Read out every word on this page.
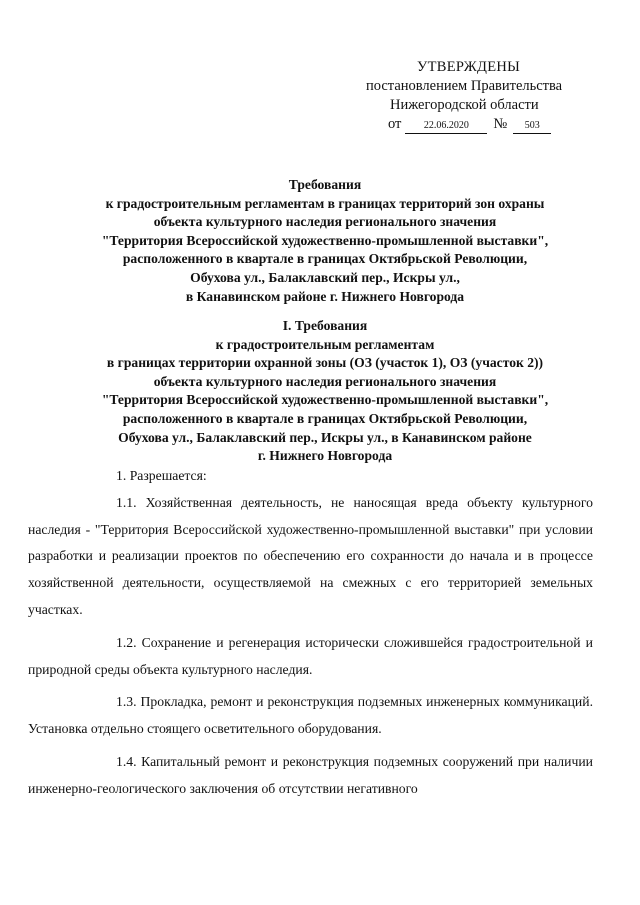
УТВЕРЖДЕНЫ
постановлением Правительства
Нижегородской области
от	22.06.2020	№	503
Требования
к градостроительным регламентам в границах территорий зон охраны
объекта культурного наследия регионального значения
"Территория Всероссийской художественно-промышленной выставки",
расположенного в квартале в границах Октябрьской Революции,
Обухова ул., Балаклавский пер., Искры ул.,
в Канавинском районе г. Нижнего Новгорода
I. Требования
к градостроительным регламентам
в границах территории охранной зоны (ОЗ (участок 1), ОЗ (участок 2))
объекта культурного наследия регионального значения
"Территория Всероссийской художественно-промышленной выставки",
расположенного в квартале в границах Октябрьской Революции,
Обухова ул., Балаклавский пер., Искры ул., в Канавинском районе
г. Нижнего Новгорода

1. Разрешается:

1.1. Хозяйственная деятельность, не наносящая вреда объекту культурного наследия - "Территория Всероссийской художественно-промышленной выставки" при условии разработки и реализации проектов по обеспечению его сохранности до начала и в процессе хозяйственной деятельности, осуществляемой на смежных с его территорией земельных участках.

1.2. Сохранение и регенерация исторически сложившейся градостроительной и природной среды объекта культурного наследия.

1.3. Прокладка, ремонт и реконструкция подземных инженерных коммуникаций. Установка отдельно стоящего осветительного оборудования.

1.4. Капитальный ремонт и реконструкция подземных сооружений при наличии инженерно-геологического заключения об отсутствии негативного
